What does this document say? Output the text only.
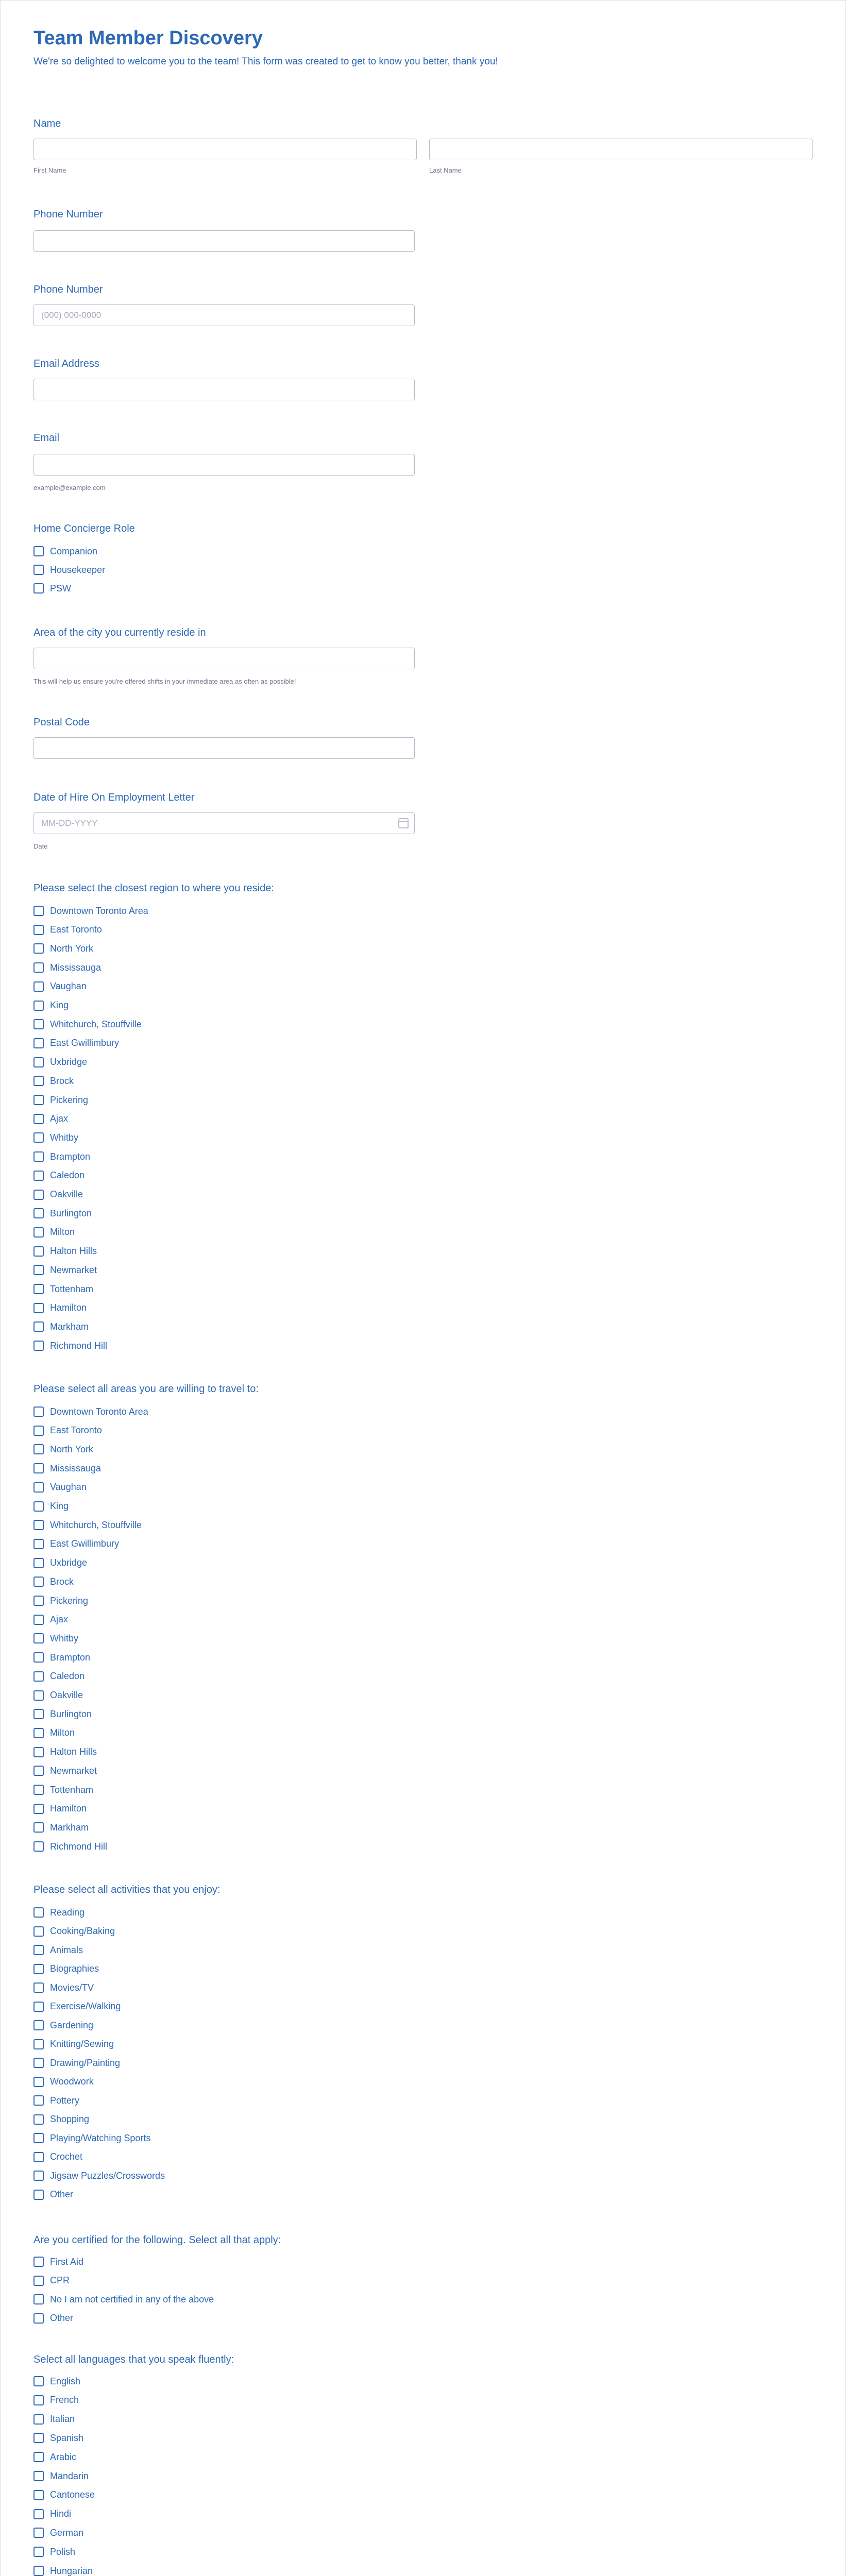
Team Member Discovery

We're so delighted to welcome you to the team! This form was created to get to know you better, thank you!

Name
First Name	Last Name
Phone Number
Phone Number
(000) 000-0000
Email Address
Email
example@example.com
Home Concierge Role
Companion
Housekeeper
PSW
Area of the city you currently reside in
This will help us ensure you're offered shifts in your immediate area as often as possible!
Postal Code
Date of Hire On Employment Letter
MM-DD-YYYY
Date
Please select the closest region to where you reside:
Downtown Toronto Area
East Toronto
North York
Mississauga
Vaughan
King
Whitchurch, Stouffville
East Gwillimbury
Uxbridge
Brock
Pickering
Ajax
Whitby
Brampton
Caledon
Oakville
Burlington
Milton
Halton Hills
Newmarket
Tottenham
Hamilton
Markham
Richmond Hill
Please select all areas you are willing to travel to:
Downtown Toronto Area
East Toronto
North York
Mississauga
Vaughan
King
Whitchurch, Stouffville
East Gwillimbury
Uxbridge
Brock
Pickering
Ajax
Whitby
Brampton
Caledon
Oakville
Burlington
Milton
Halton Hills
Newmarket
Tottenham
Hamilton
Markham
Richmond Hill
Please select all activities that you enjoy:
Reading
Cooking/Baking
Animals
Biographies
Movies/TV
Exercise/Walking
Gardening
Knitting/Sewing
Drawing/Painting
Woodwork
Pottery
Shopping
Playing/Watching Sports
Crochet
Jigsaw Puzzles/Crosswords
Other
Are you certified for the following. Select all that apply:
First Aid
CPR
No I am not certified in any of the above
Other
Select all languages that you speak fluently:
English
French
Italian
Spanish
Arabic
Mandarin
Cantonese
Hindi
German
Polish
Hungarian
